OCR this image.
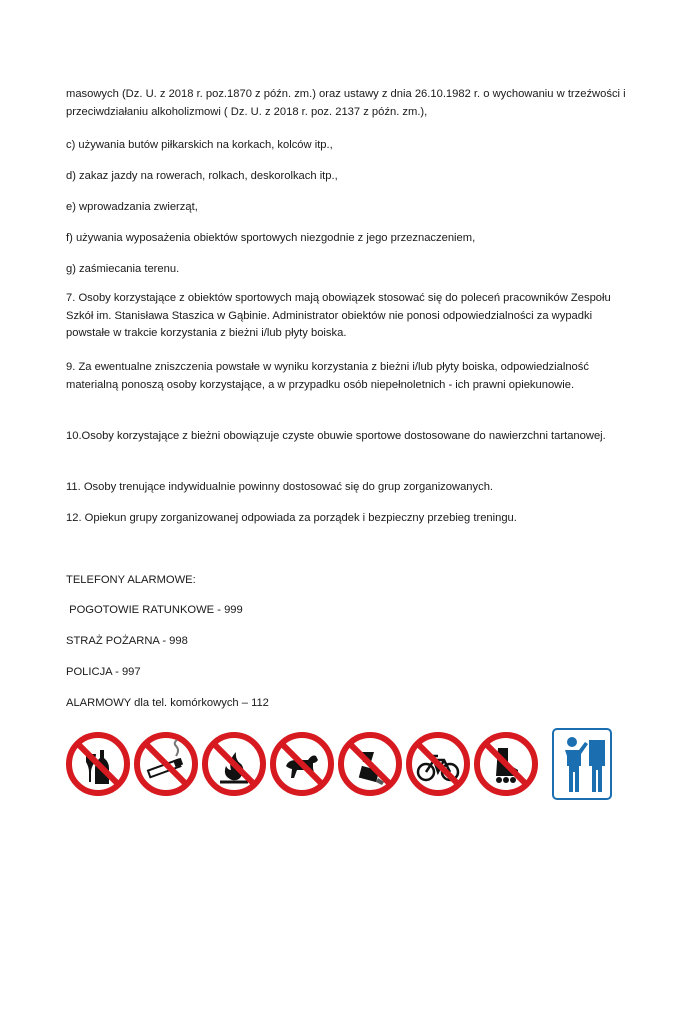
masowych (Dz. U. z 2018 r. poz.1870 z późn. zm.) oraz ustawy z dnia 26.10.1982 r. o wychowaniu w trzeźwości i przeciwdziałaniu alkoholizmowi ( Dz. U. z 2018 r. poz. 2137 z późn. zm.),

c) używania butów piłkarskich na korkach, kolców itp.,

d) zakaz jazdy na rowerach, rolkach, deskorolkach itp.,

e) wprowadzania zwierząt,

f) używania wyposażenia obiektów sportowych niezgodnie z jego przeznaczeniem,

g) zaśmiecania terenu.

7. Osoby korzystające z obiektów sportowych mają obowiązek stosować się do poleceń pracowników Zespołu Szkół im. Stanisława Staszica w Gąbinie. Administrator obiektów nie ponosi odpowiedzialności za wypadki powstałe w trakcie korzystania z bieżni i/lub płyty boiska.

9. Za ewentualne zniszczenia powstałe w wyniku korzystania z bieżni i/lub płyty boiska, odpowiedzialność materialną ponoszą osoby korzystające, a w przypadku osób niepełnoletnich - ich prawni opiekunowie.

10.Osoby korzystające z bieżni obowiązuje czyste obuwie sportowe dostosowane do nawierzchni tartanowej.

11. Osoby trenujące indywidualnie powinny dostosować się do grup zorganizowanych.

12. Opiekun grupy zorganizowanej odpowiada za porządek i bezpieczny przebieg treningu.

TELEFONY ALARMOWE:

POGOTOWIE RATUNKOWE - 999

STRAŻ POŻARNA - 998

POLICJA - 997

ALARMOWY dla tel. komórkowych – 112
